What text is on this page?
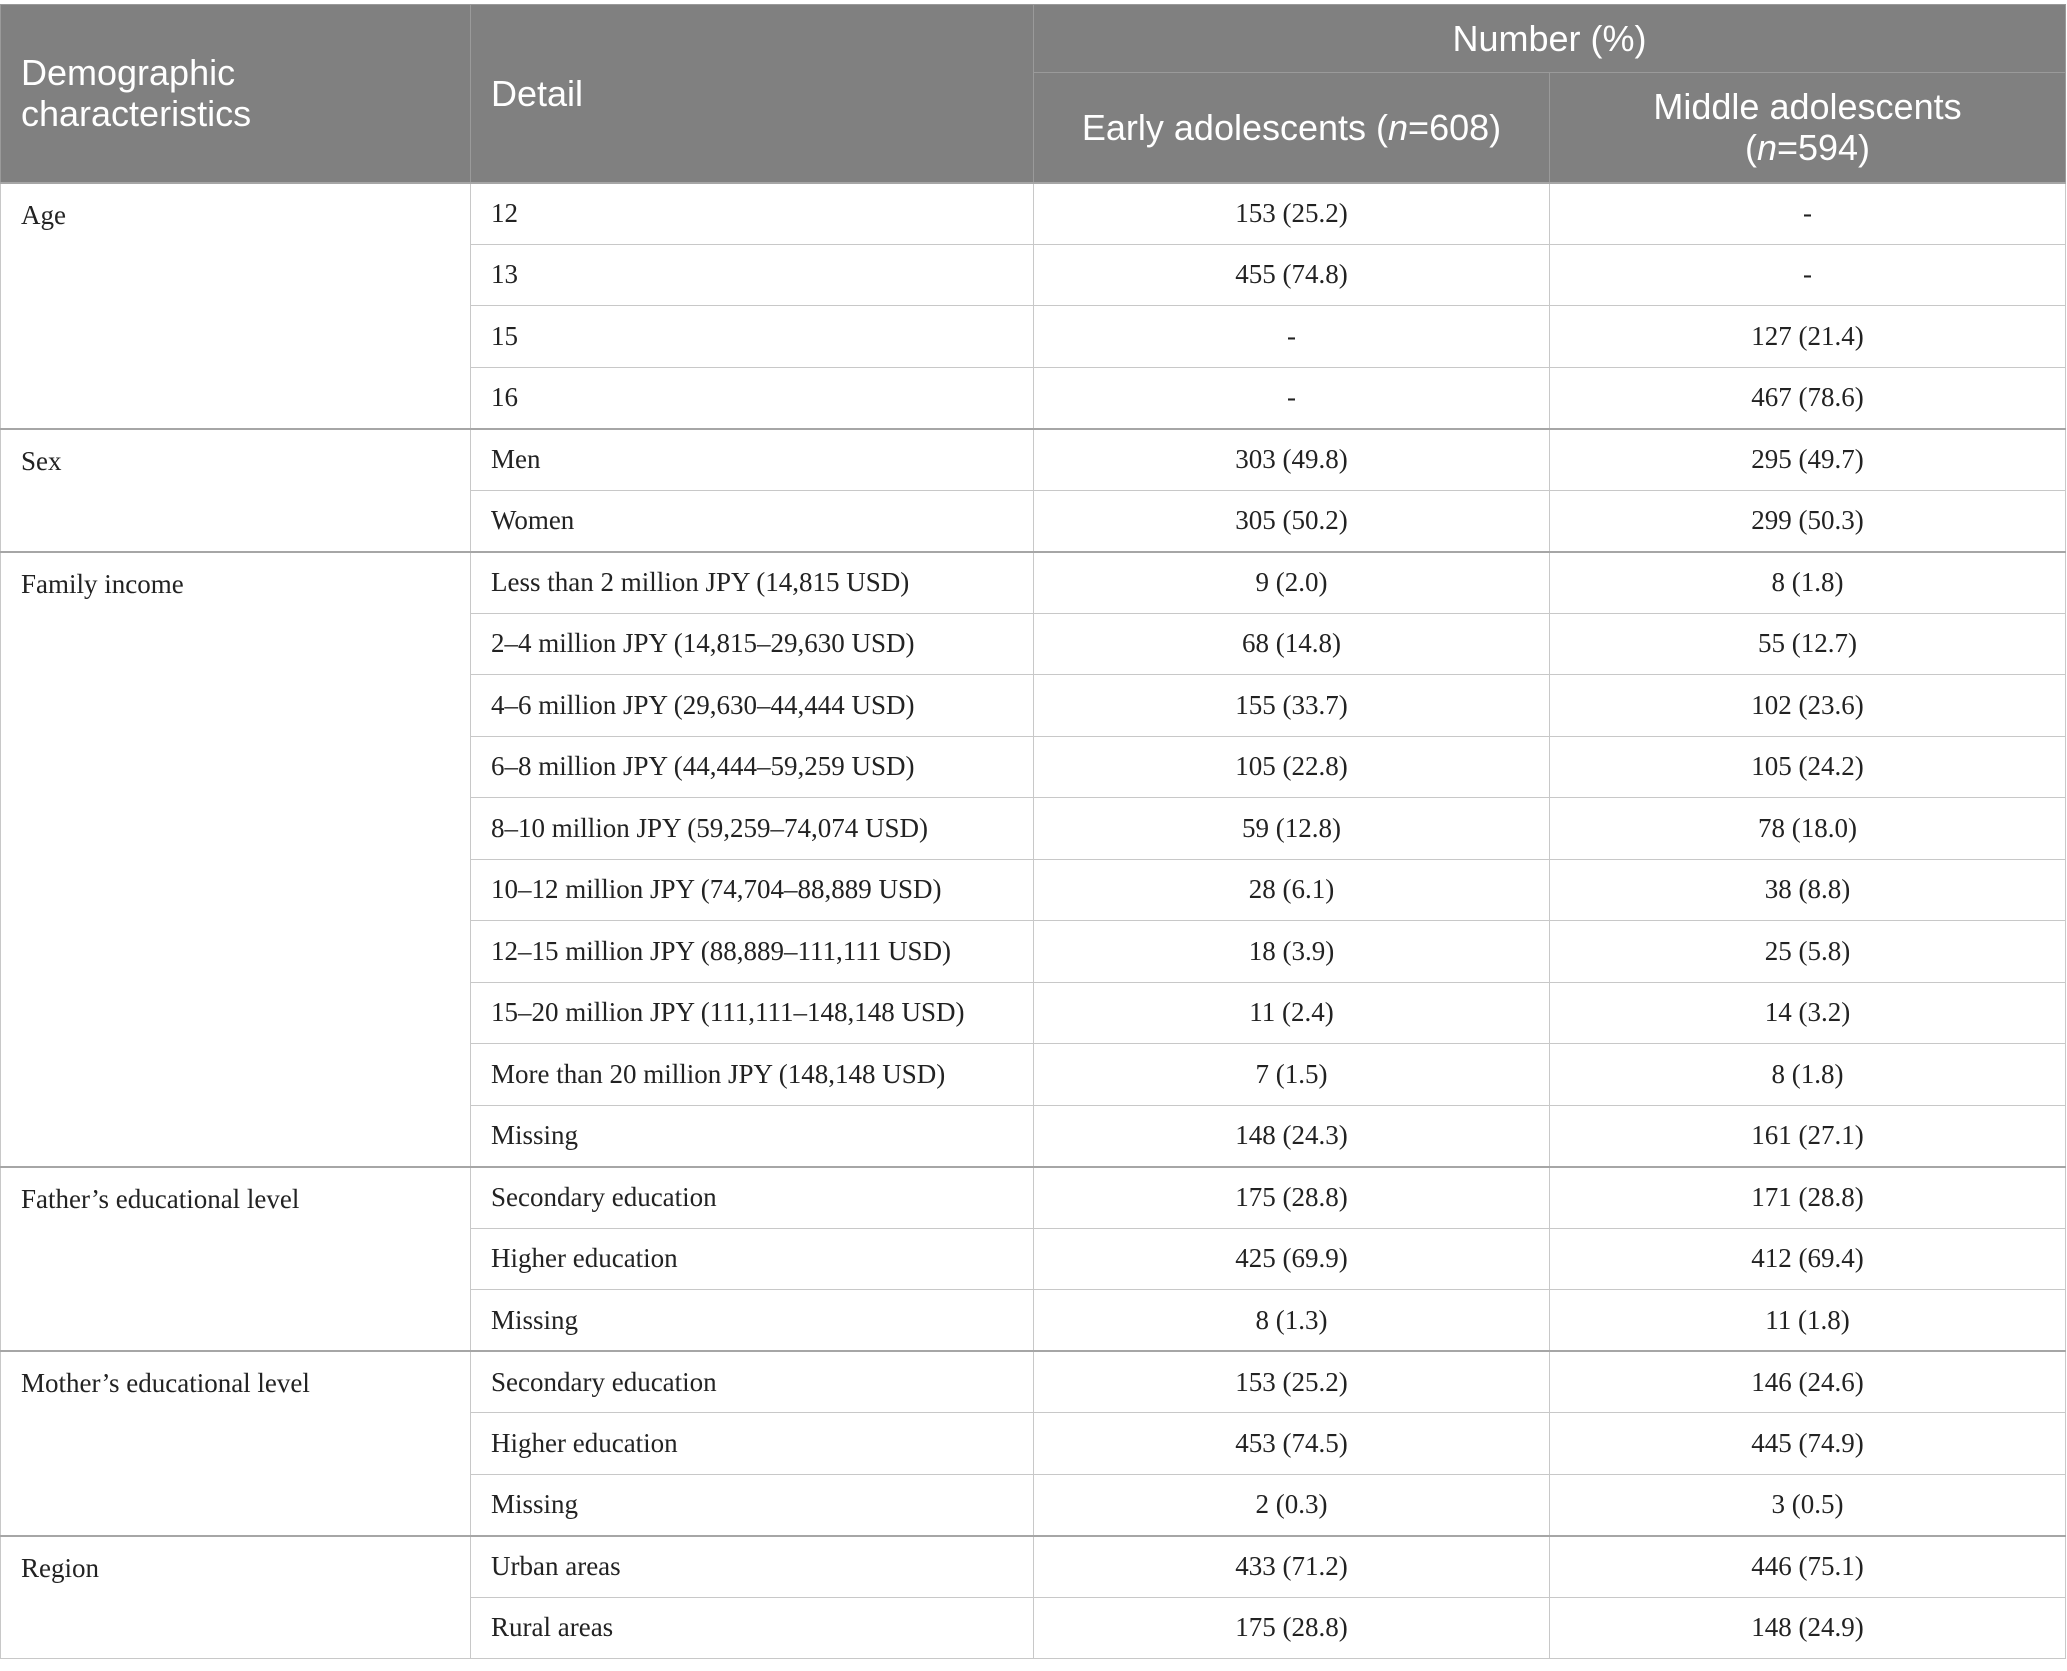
Demographic characteristics	Detail	Number (%)	
		Early adolescents (n=608)	Middle adolescents
(n=594)
Age	12	153 (25.2)	-
	13	455 (74.8)	-
	15	-	127 (21.4)
	16	-	467 (78.6)
Sex	Men	303 (49.8)	295 (49.7)
	Women	305 (50.2)	299 (50.3)
Family income	Less than 2 million JPY (14,815 USD)	9 (2.0)	8 (1.8)
	2–4 million JPY (14,815–29,630 USD)	68 (14.8)	55 (12.7)
	4–6 million JPY (29,630–44,444 USD)	155 (33.7)	102 (23.6)
	6–8 million JPY (44,444–59,259 USD)	105 (22.8)	105 (24.2)
	8–10 million JPY (59,259–74,074 USD)	59 (12.8)	78 (18.0)
	10–12 million JPY (74,704–88,889 USD)	28 (6.1)	38 (8.8)
	12–15 million JPY (88,889–111,111 USD)	18 (3.9)	25 (5.8)
	15–20 million JPY (111,111–148,148 USD)	11 (2.4)	14 (3.2)
	More than 20 million JPY (148,148 USD)	7 (1.5)	8 (1.8)
	Missing	148 (24.3)	161 (27.1)
Father’s educational level	Secondary education	175 (28.8)	171 (28.8)
	Higher education	425 (69.9)	412 (69.4)
	Missing	8 (1.3)	11 (1.8)
Mother’s educational level	Secondary education	153 (25.2)	146 (24.6)
	Higher education	453 (74.5)	445 (74.9)
	Missing	2 (0.3)	3 (0.5)
Region	Urban areas	433 (71.2)	446 (75.1)
	Rural areas	175 (28.8)	148 (24.9)
